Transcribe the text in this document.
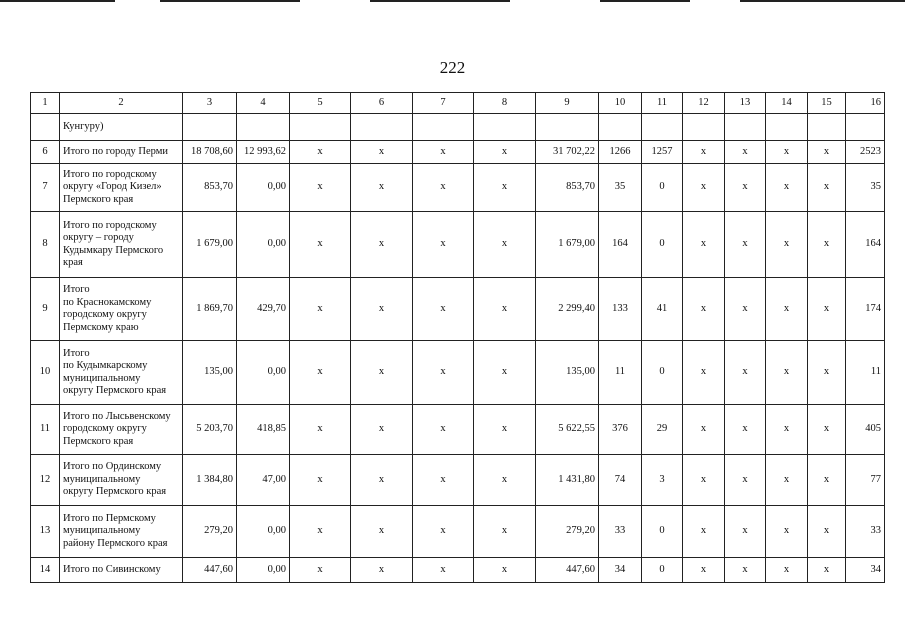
222
1	2	3	4	5	6	7	8	9	10	11	12	13	14	15	16

	Кунгуру)														

6	Итого по городу Перми	18 708,60	12 993,62	х	х	х	х	31 702,22	1266	1257	х	х	х	х	2523
7	Итого по городскому
округу «Город Кизел»
Пермского края	853,70	0,00	х	х	х	х	853,70	35	0	х	х	х	х	35
8	Итого по городскому
округу – городу
Кудымкару Пермского
края	1 679,00	0,00	х	х	х	х	1 679,00	164	0	х	х	х	х	164
9	Итого
по Краснокамскому
городскому округу
Пермскому краю	1 869,70	429,70	х	х	х	х	2 299,40	133	41	х	х	х	х	174
10	Итого
по Кудымкарскому
муниципальному
округу Пермского края	135,00	0,00	х	х	х	х	135,00	11	0	х	х	х	х	11
11	Итого по Лысьвенскому
городскому округу
Пермского края	5 203,70	418,85	х	х	х	х	5 622,55	376	29	х	х	х	х	405
12	Итого по Ординскому
муниципальному
округу Пермского края	1 384,80	47,00	х	х	х	х	1 431,80	74	3	х	х	х	х	77
13	Итого по Пермскому
муниципальному
району Пермского края	279,20	0,00	х	х	х	х	279,20	33	0	х	х	х	х	33
14	Итого по Сивинскому	447,60	0,00	х	х	х	х	447,60	34	0	х	х	х	х	34
